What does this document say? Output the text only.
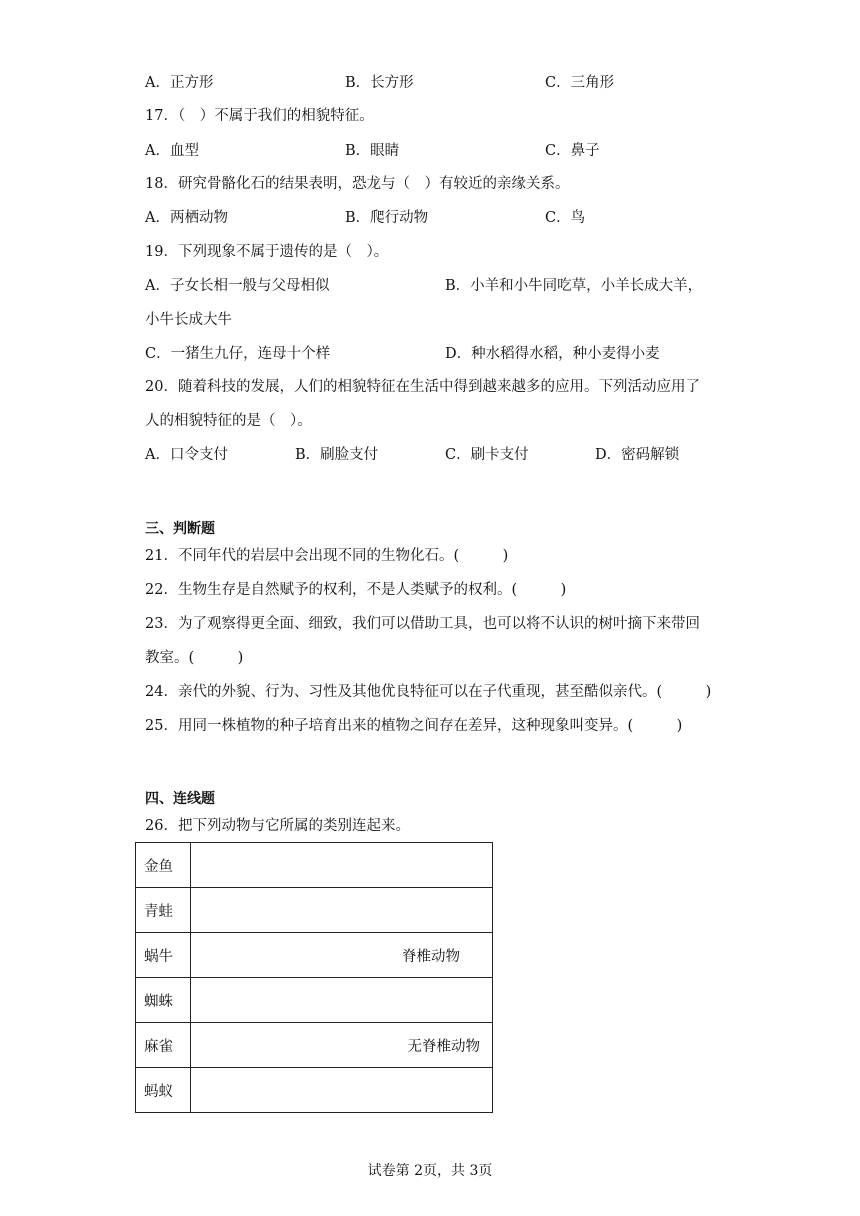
A．正方形	B．长方形	C．三角形
17．（　）不属于我们的相貌特征。
A．血型	B．眼睛	C．鼻子
18．研究骨骼化石的结果表明，恐龙与（　）有较近的亲缘关系。
A．两栖动物	B．爬行动物	C．鸟
19．下列现象不属于遗传的是（　）。
A．子女长相一般与父母相似	B．小羊和小牛同吃草，小羊长成大羊，
小牛长成大牛
C．一猪生九仔，连母十个样	D．种水稻得水稻，种小麦得小麦
20．随着科技的发展，人们的相貌特征在生活中得到越来越多的应用。下列活动应用了
人的相貌特征的是（　）。
A．口令支付	B．刷脸支付	C．刷卡支付	D．密码解锁
三、判断题
21．不同年代的岩层中会出现不同的生物化石。(　　　)
22．生物生存是自然赋予的权利，不是人类赋予的权利。(　　　)
23．为了观察得更全面、细致，我们可以借助工具，也可以将不认识的树叶摘下来带回
教室。(　　　)
24．亲代的外貌、行为、习性及其他优良特征可以在子代重现，甚至酷似亲代。(　　　)
25．用同一株植物的种子培育出来的植物之间存在差异，这种现象叫变异。(　　　)
四、连线题
26．把下列动物与它所属的类别连起来。
金鱼	
青蛙	
蜗牛	脊椎动物
蜘蛛	
麻雀	无脊椎动物
蚂蚁	
试卷第 2页，共 3页
